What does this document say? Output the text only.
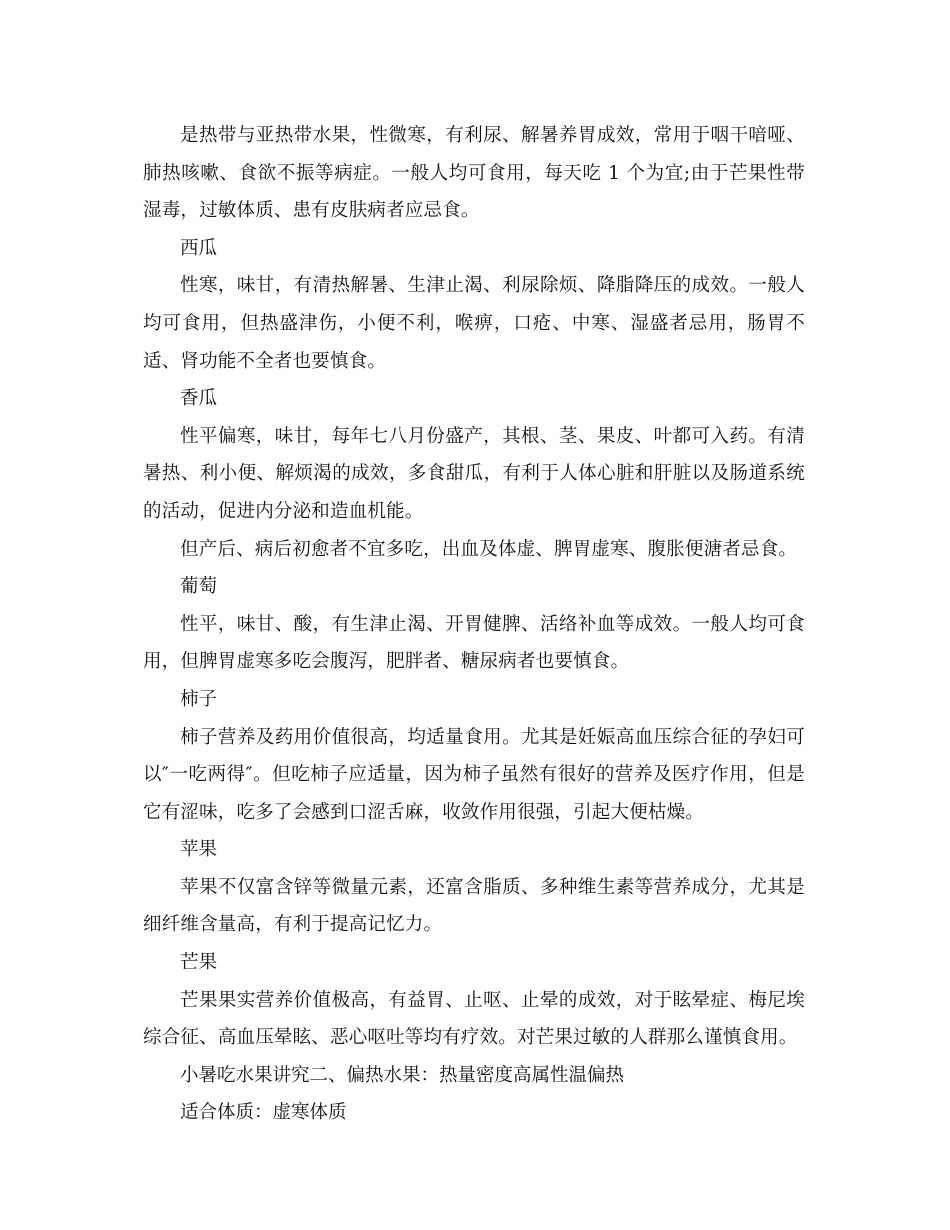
是热带与亚热带水果，性微寒，有利尿、解暑养胃成效，常用于咽干喑哑、肺热咳嗽、食欲不振等病症。一般人均可食用，每天吃 1 个为宜;由于芒果性带湿毒，过敏体质、患有皮肤病者应忌食。

西瓜

性寒，味甘，有清热解暑、生津止渴、利尿除烦、降脂降压的成效。一般人均可食用，但热盛津伤，小便不利，喉痹，口疮、中寒、湿盛者忌用，肠胃不适、肾功能不全者也要慎食。

香瓜

性平偏寒，味甘，每年七八月份盛产，其根、茎、果皮、叶都可入药。有清暑热、利小便、解烦渴的成效，多食甜瓜，有利于人体心脏和肝脏以及肠道系统的活动，促进内分泌和造血机能。

但产后、病后初愈者不宜多吃，出血及体虚、脾胃虚寒、腹胀便溏者忌食。

葡萄

性平，味甘、酸，有生津止渴、开胃健脾、活络补血等成效。一般人均可食用，但脾胃虚寒多吃会腹泻，肥胖者、糖尿病者也要慎食。

柿子

柿子营养及药用价值很高，均适量食用。尤其是妊娠高血压综合征的孕妇可以″一吃两得″。但吃柿子应适量，因为柿子虽然有很好的营养及医疗作用，但是它有涩味，吃多了会感到口涩舌麻，收敛作用很强，引起大便枯燥。

苹果

苹果不仅富含锌等微量元素，还富含脂质、多种维生素等营养成分，尤其是细纤维含量高，有利于提高记忆力。

芒果

芒果果实营养价值极高，有益胃、止呕、止晕的成效，对于眩晕症、梅尼埃综合征、高血压晕眩、恶心呕吐等均有疗效。对芒果过敏的人群那么谨慎食用。

小暑吃水果讲究二、偏热水果：热量密度高属性温偏热

适合体质：虚寒体质
